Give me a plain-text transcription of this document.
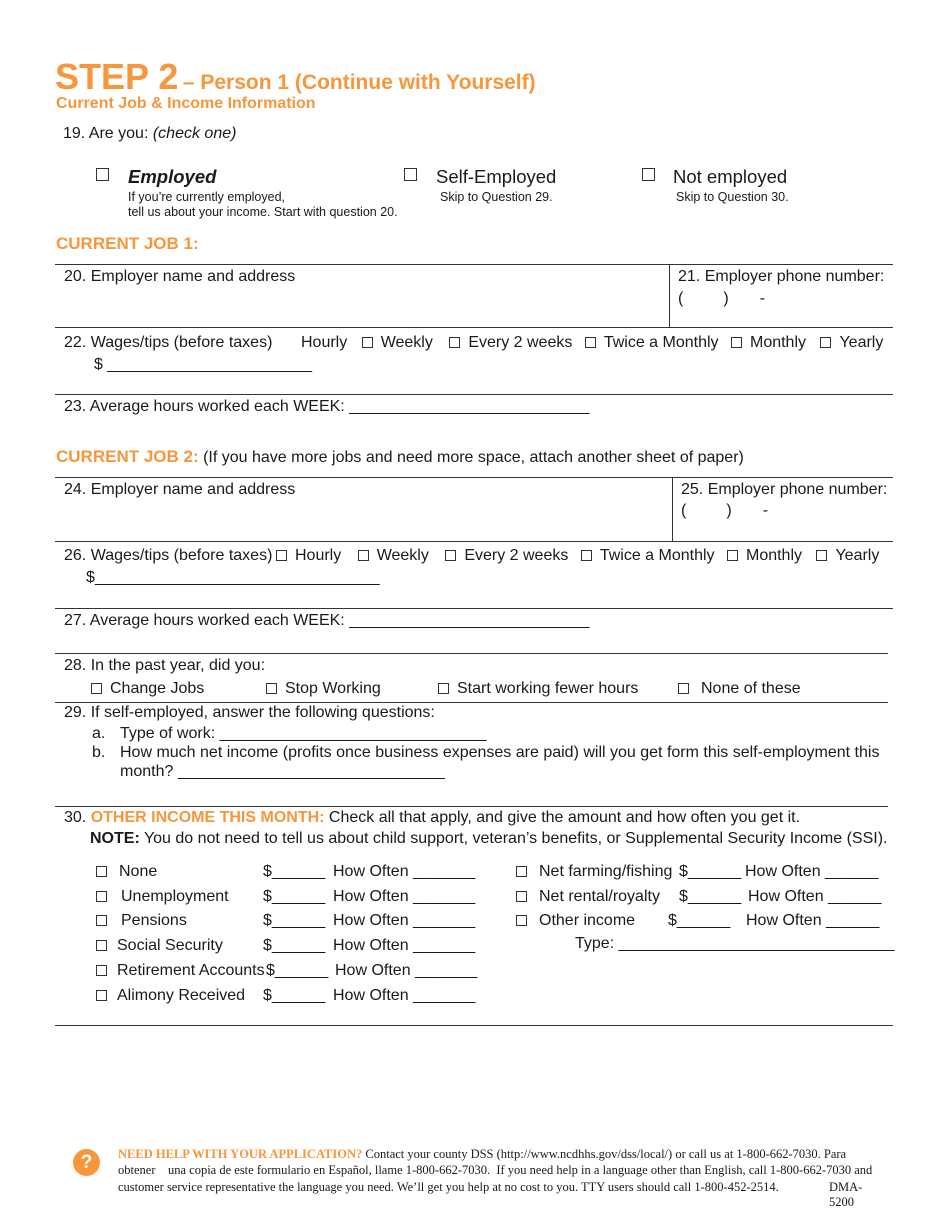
STEP 2 – Person 1 (Continue with Yourself)
Current Job & Income Information
19. Are you: (check one)
Employed
If you’re currently employed,
tell us about your income. Start with question 20.
Self-Employed
Skip to Question 29.
Not employed
Skip to Question 30.
CURRENT JOB 1:
20. Employer name and address	21. Employer phone number:
(         )       -
22. Wages/tips (before taxes) Hourly Weekly Every 2 weeks Twice a Monthly Monthly Yearly
$ _______________________
23. Average hours worked each WEEK: ___________________________
CURRENT JOB 2: (If you have more jobs and need more space, attach another sheet of paper)
24. Employer name and address	25. Employer phone number:
(         )       -
26. Wages/tips (before taxes)	Hourly Weekly Every 2 weeks Twice a Monthly Monthly Yearly
$________________________________
27. Average hours worked each WEEK: ___________________________
28. In the past year, did you:
Change Jobs	Stop Working	Start working fewer hours	None of these
29. If self-employed, answer the following questions:
a. Type of work: ______________________________
b. How much net income (profits once business expenses are paid) will you get form this self-employment this
month? ______________________________
30. OTHER INCOME THIS MONTH: Check all that apply, and give the amount and how often you get it.
NOTE: You do not need to tell us about child support, veteran’s benefits, or Supplemental Security Income (SSI).
None	$______ How Often _______
Unemployment $______ How Often _______
Pensions	$______ How Often _______
Social Security	$______ How Often _______
Retirement Accounts $______ How Often _______
Alimony Received $______ How Often _______
Net farming/fishing $______ How Often ______
Net rental/royalty $______ How Often ______
Other income $______ How Often ______
Type: _______________________________
?	NEED HELP WITH YOUR APPLICATION? Contact your county DSS (http://www.ncdhhs.gov/dss/local/) or call us at 1-800-662-7030. Para
obtener    una copia de este formulario en Español, llame 1-800-662-7030.  If you need help in a language other than English, call 1-800-662-7030 and
customer service representative the language you need. We’ll get you help at no cost to you. TTY users should call 1-800-452-2514.	DMA-
5200
